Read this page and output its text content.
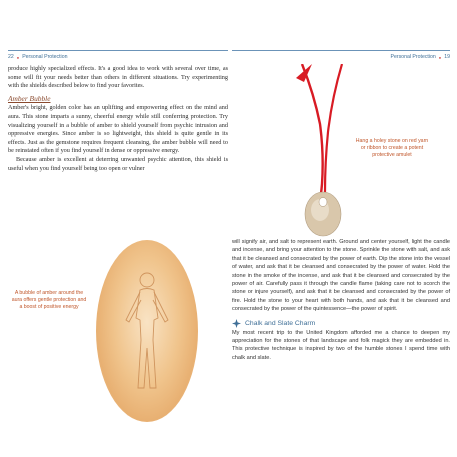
22 ● Personal Protection

produce highly specialized effects. It's a good idea to work with several over time, as some will fit your needs better than others in different situations. Try experimenting with the shields described below to find your favorites.

Amber Bubble

Amber's bright, golden color has an uplifting and empowering effect on the mind and aura. This stone imparts a sunny, cheerful energy while still conferring protection. Try visualizing yourself in a bubble of amber to shield yourself from psychic intrusion and oppressive energies. Since amber is so lightweight, this shield is quite gentle in its effects. Just as the gemstone requires frequent cleansing, the amber bubble will need to be reinstated often if you find yourself in dense or oppressive energy.

Because amber is excellent at deterring unwanted psychic attention, this shield is useful when you find yourself being too open or vulner

A bubble of amber around the aura offers gentle protection and a boost of positive energy
Personal Protection ● 19
Hang a holey stone on red yarn or ribbon to create a potent protective amulet

will signify air, and salt to represent earth. Ground and center yourself, light the candle and incense, and bring your attention to the stone. Sprinkle the stone with salt, and ask that it be cleansed and consecrated by the power of earth. Dip the stone into the vessel of water, and ask that it be cleansed and consecrated by the power of water. Hold the stone in the smoke of the incense, and ask that it be cleansed and consecrated by the power of air. Carefully pass it through the candle flame (taking care not to scorch the stone or injure yourself), and ask that it be cleansed and consecrated by the power of fire. Hold the stone to your heart with both hands, and ask that it be cleansed and consecrated by the power of the quintessence—the power of spirit.

Chalk and Slate Charm

My most recent trip to the United Kingdom afforded me a chance to deepen my appreciation for the stones of that landscape and folk magick they are embedded in. This protective technique is inspired by two of the humble stones I spend time with chalk and slate.
